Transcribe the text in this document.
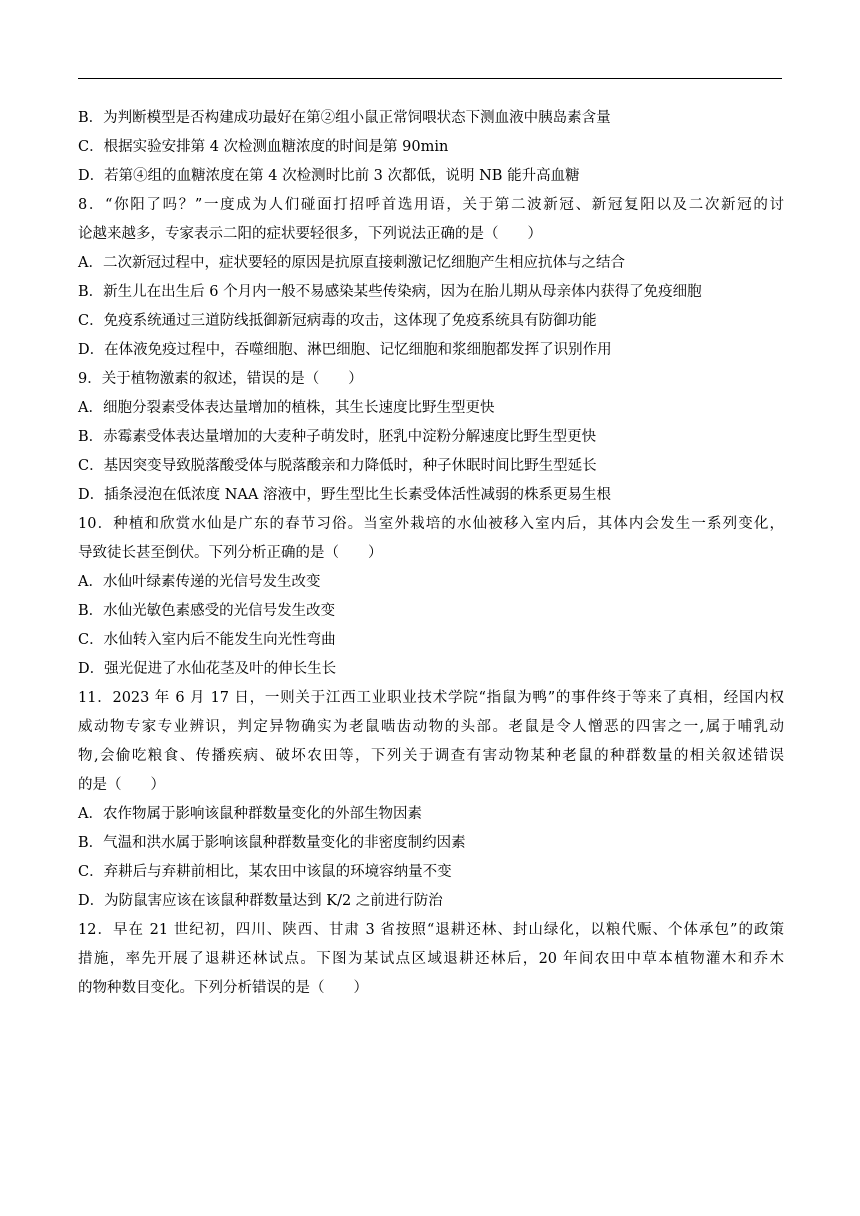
B．为判断模型是否构建成功最好在第②组小鼠正常饲喂状态下测血液中胰岛素含量
C．根据实验安排第 4 次检测血糖浓度的时间是第 90min
D．若第④组的血糖浓度在第 4 次检测时比前 3 次都低，说明 NB 能升高血糖
8．“你阳了吗？”一度成为人们碰面打招呼首选用语，关于第二波新冠、新冠复阳以及二次新冠的讨
论越来越多，专家表示二阳的症状要轻很多，下列说法正确的是（　　）
A．二次新冠过程中，症状要轻的原因是抗原直接刺激记忆细胞产生相应抗体与之结合
B．新生儿在出生后 6 个月内一般不易感染某些传染病，因为在胎儿期从母亲体内获得了免疫细胞
C．免疫系统通过三道防线抵御新冠病毒的攻击，这体现了免疫系统具有防御功能
D．在体液免疫过程中，吞噬细胞、淋巴细胞、记忆细胞和浆细胞都发挥了识别作用
9．关于植物激素的叙述，错误的是（　　）
A．细胞分裂素受体表达量增加的植株，其生长速度比野生型更快
B．赤霉素受体表达量增加的大麦种子萌发时，胚乳中淀粉分解速度比野生型更快
C．基因突变导致脱落酸受体与脱落酸亲和力降低时，种子休眠时间比野生型延长
D．插条浸泡在低浓度 NAA 溶液中，野生型比生长素受体活性减弱的株系更易生根
10．种植和欣赏水仙是广东的春节习俗。当室外栽培的水仙被移入室内后，其体内会发生一系列变化，
导致徒长甚至倒伏。下列分析正确的是（　　）
A．水仙叶绿素传递的光信号发生改变
B．水仙光敏色素感受的光信号发生改变
C．水仙转入室内后不能发生向光性弯曲
D．强光促进了水仙花茎及叶的伸长生长
11．2023 年 6 月 17 日，一则关于江西工业职业技术学院“指鼠为鸭”的事件终于等来了真相，经国内权
威动物专家专业辨识，判定异物确实为老鼠啮齿动物的头部。老鼠是令人憎恶的四害之一,属于哺乳动
物,会偷吃粮食、传播疾病、破坏农田等，下列关于调查有害动物某种老鼠的种群数量的相关叙述错误
的是（　　）
A．农作物属于影响该鼠种群数量变化的外部生物因素
B．气温和洪水属于影响该鼠种群数量变化的非密度制约因素
C．弃耕后与弃耕前相比，某农田中该鼠的环境容纳量不变
D．为防鼠害应该在该鼠种群数量达到 K/2 之前进行防治
12．早在 21 世纪初，四川、陕西、甘肃 3 省按照“退耕还林、封山绿化，以粮代赈、个体承包”的政策
措施，率先开展了退耕还林试点。下图为某试点区域退耕还林后，20 年间农田中草本植物灌木和乔木
的物种数目变化。下列分析错误的是（　　）
